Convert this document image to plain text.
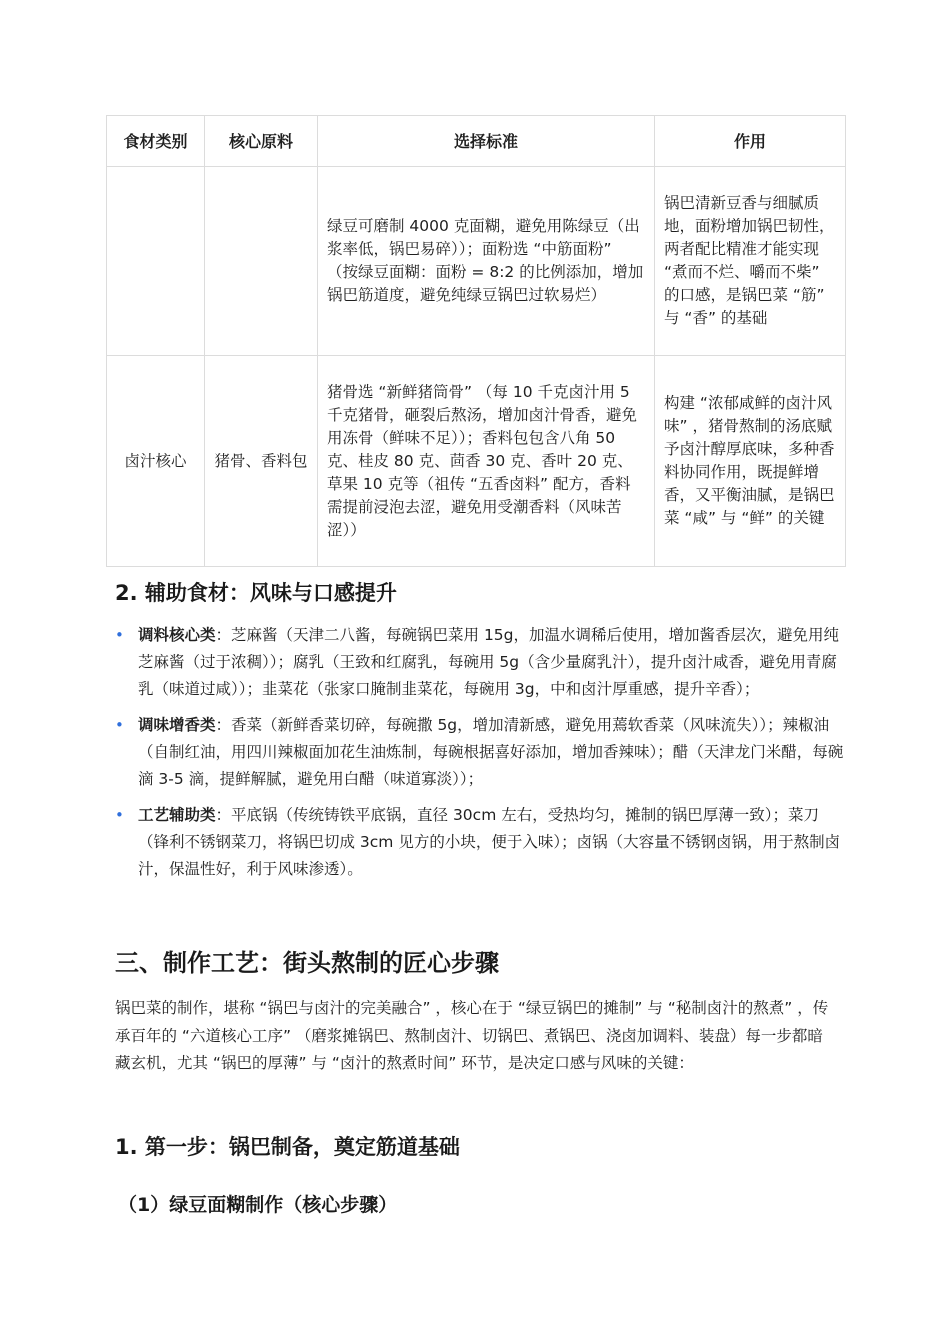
食材类别	核心原料	选择标准	作用
		绿豆可磨制 4000 克面糊，避免用陈绿豆（出浆率低，锅巴易碎））；面粉选 “中筋面粉” （按绿豆面糊：面粉 = 8:2 的比例添加，增加锅巴筋道度，避免纯绿豆锅巴过软易烂）	锅巴清新豆香与细腻质地，面粉增加锅巴韧性，两者配比精准才能实现 “煮而不烂、嚼而不柴” 的口感，是锅巴菜 “筋” 与 “香” 的基础
卤汁核心	猪骨、香料包	猪骨选 “新鲜猪筒骨” （每 10 千克卤汁用 5 千克猪骨，砸裂后熬汤，增加卤汁骨香，避免用冻骨（鲜味不足））；香料包包含八角 50 克、桂皮 80 克、茴香 30 克、香叶 20 克、草果 10 克等（祖传 “五香卤料” 配方，香料需提前浸泡去涩，避免用受潮香料（风味苦涩））	构建 “浓郁咸鲜的卤汁风味” ，猪骨熬制的汤底赋予卤汁醇厚底味，多种香料协同作用，既提鲜增香，又平衡油腻，是锅巴菜 “咸” 与 “鲜” 的关键
2. 辅助食材：风味与口感提升
• 调料核心类：芝麻酱（天津二八酱，每碗锅巴菜用 15g，加温水调稀后使用，增加酱香层次，避免用纯芝麻酱（过于浓稠））；腐乳（王致和红腐乳，每碗用 5g（含少量腐乳汁），提升卤汁咸香，避免用青腐乳（味道过咸））；韭菜花（张家口腌制韭菜花，每碗用 3g，中和卤汁厚重感，提升辛香）；
• 调味增香类：香菜（新鲜香菜切碎，每碗撒 5g，增加清新感，避免用蔫软香菜（风味流失））；辣椒油（自制红油，用四川辣椒面加花生油炼制，每碗根据喜好添加，增加香辣味）；醋（天津龙门米醋，每碗滴 3-5 滴，提鲜解腻，避免用白醋（味道寡淡））；
• 工艺辅助类：平底锅（传统铸铁平底锅，直径 30cm 左右，受热均匀，摊制的锅巴厚薄一致）；菜刀（锋利不锈钢菜刀，将锅巴切成 3cm 见方的小块，便于入味）；卤锅（大容量不锈钢卤锅，用于熬制卤汁，保温性好，利于风味渗透）。
三、制作工艺：街头熬制的匠心步骤

锅巴菜的制作，堪称 “锅巴与卤汁的完美融合” ，核心在于 “绿豆锅巴的摊制” 与 “秘制卤汁的熬煮” ，传承百年的 “六道核心工序” （磨浆摊锅巴、熬制卤汁、切锅巴、煮锅巴、浇卤加调料、装盘）每一步都暗藏玄机，尤其 “锅巴的厚薄” 与 “卤汁的熬煮时间” 环节，是决定口感与风味的关键：

1. 第一步：锅巴制备，奠定筋道基础
（1）绿豆面糊制作（核心步骤）
